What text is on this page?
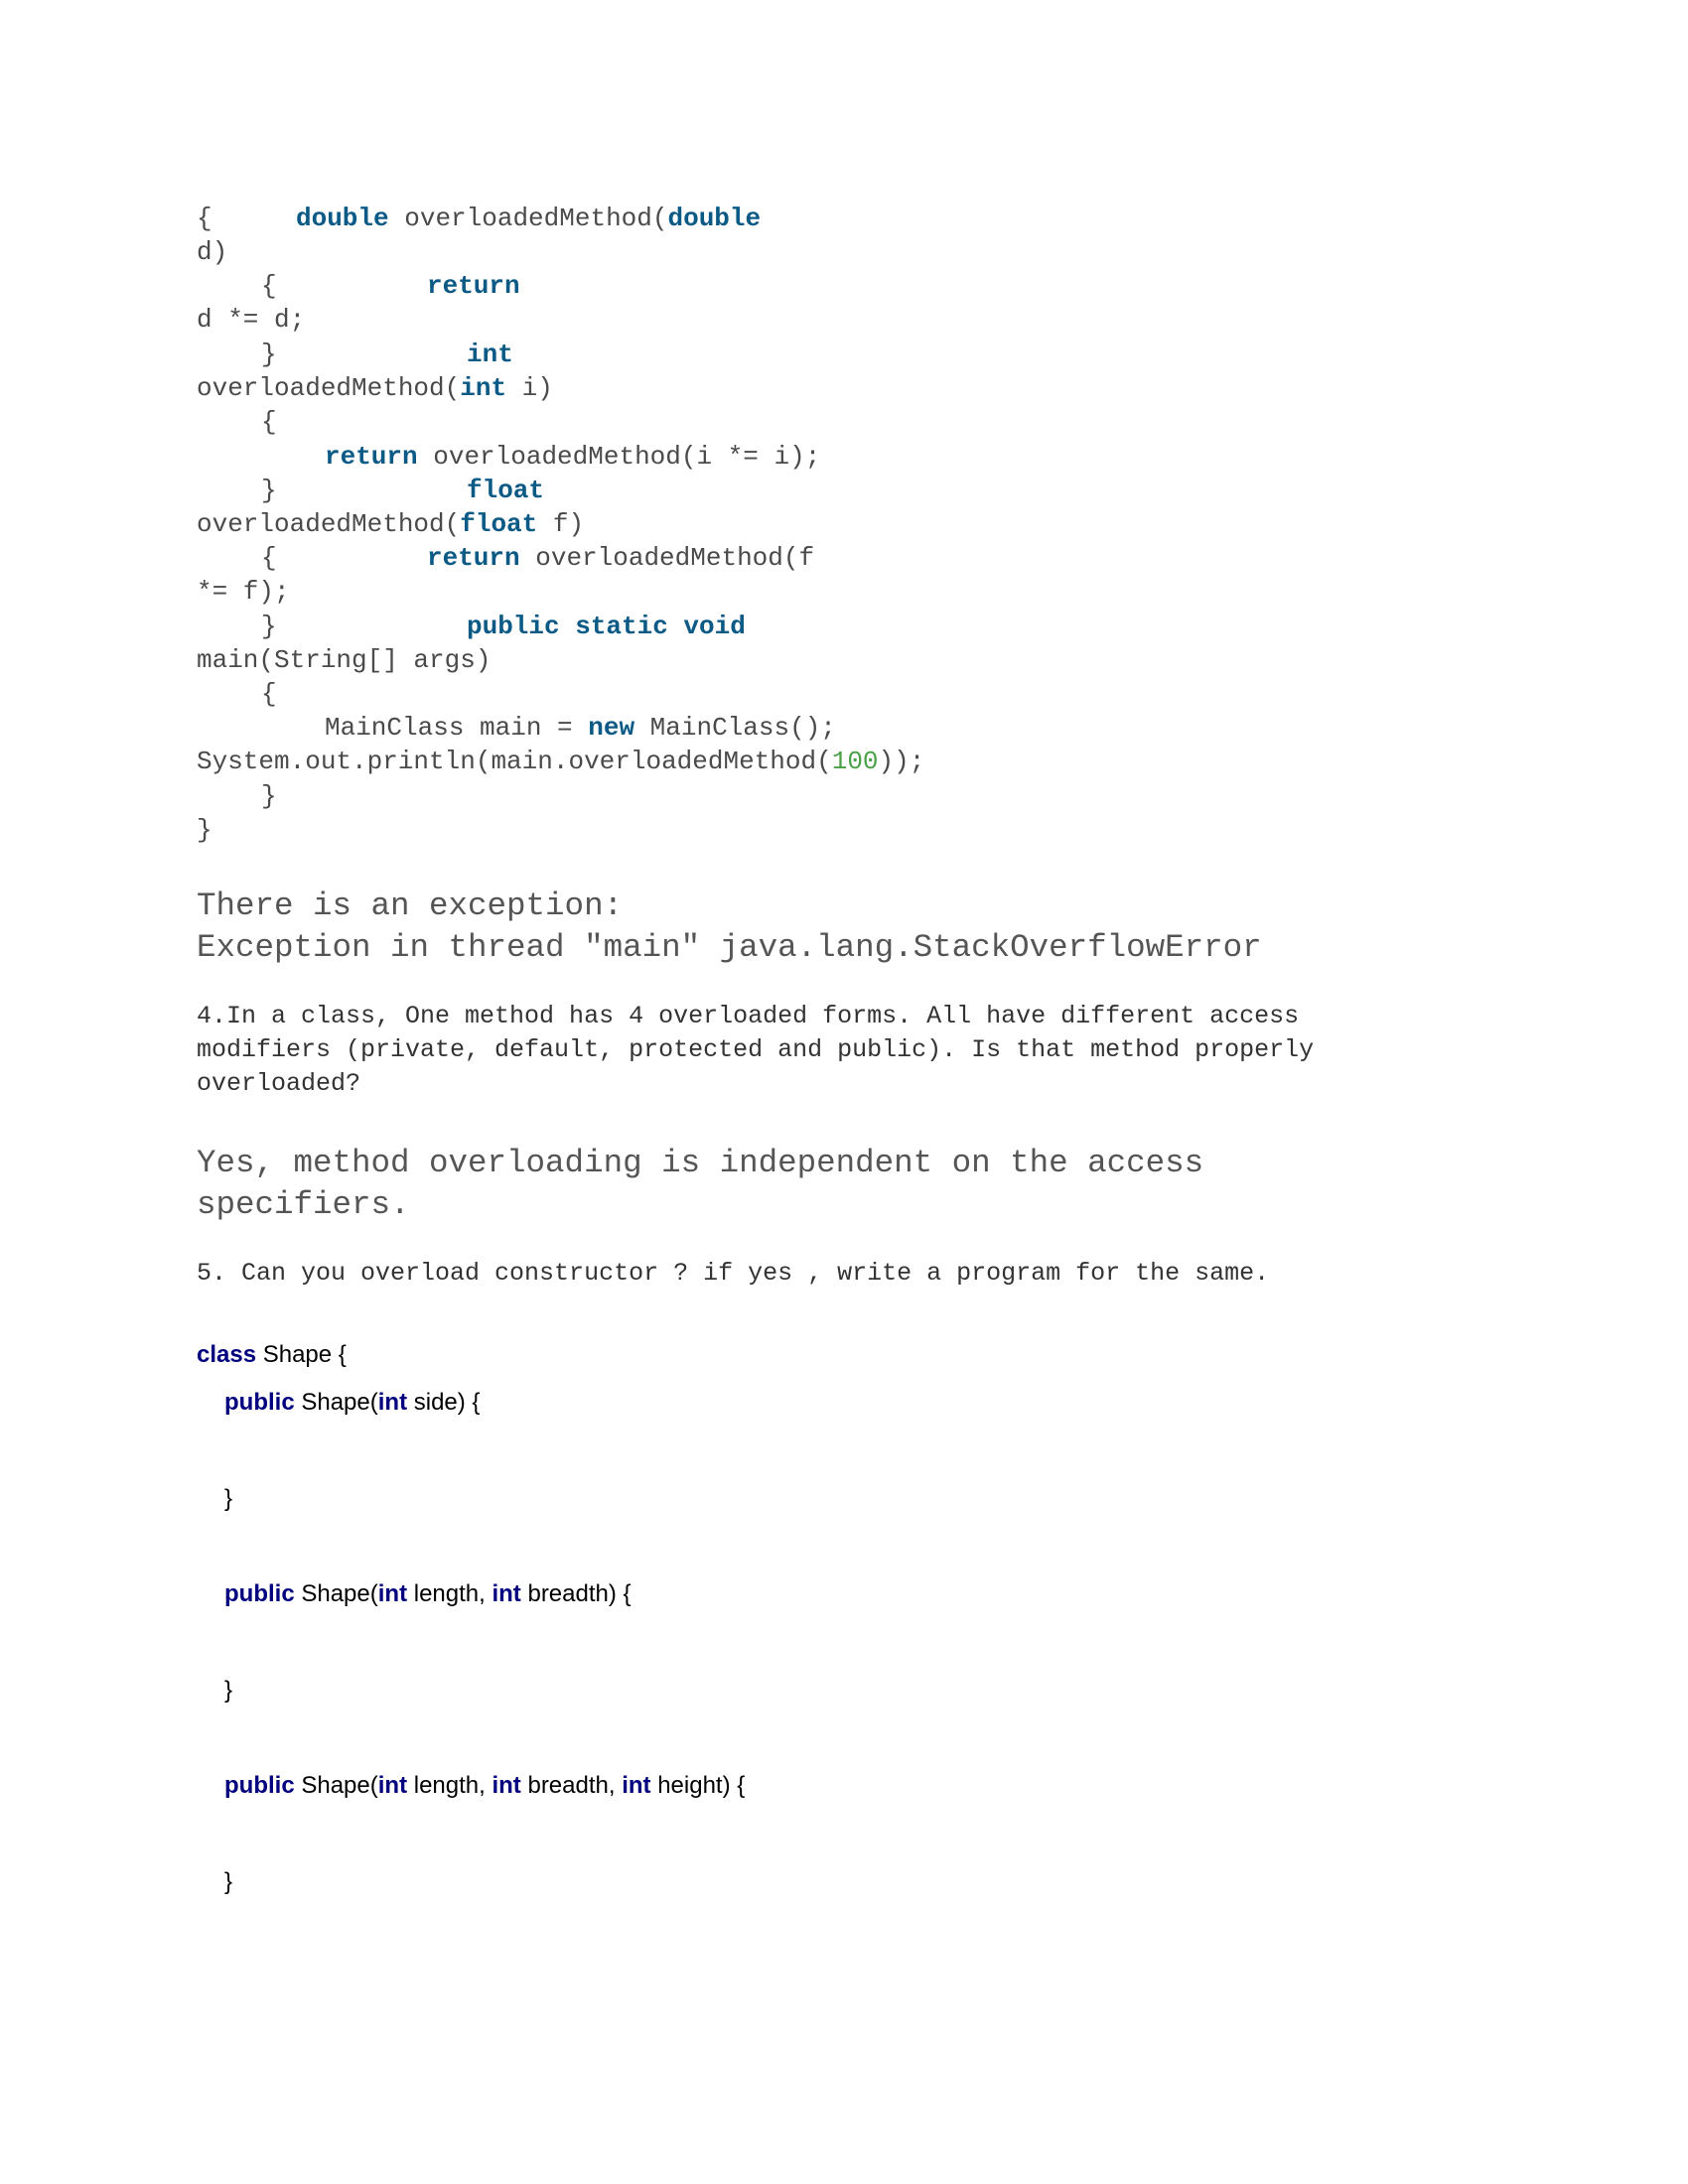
{	double overloadedMethod(double
d)
{	return
d *= d;
}	int
overloadedMethod(int i)
{
return overloadedMethod(i *= i);
}	float
overloadedMethod(float f)
{	return overloadedMethod(f
*= f);
}	public static void
main(String[] args)
{
MainClass main = new MainClass();
System.out.println(main.overloadedMethod(100));
}
}
There is an exception:
Exception in thread "main" java.lang.StackOverflowError
4.In a class, One method has 4 overloaded forms. All have different access
modifiers (private, default, protected and public). Is that method properly
overloaded?
Yes, method overloading is independent on the access
specifiers.
5. Can you overload constructor ? if yes , write a program for the same.
class Shape {
public Shape(int side) {
}
public Shape(int length, int breadth) {
}
public Shape(int length, int breadth, int height) {
}
